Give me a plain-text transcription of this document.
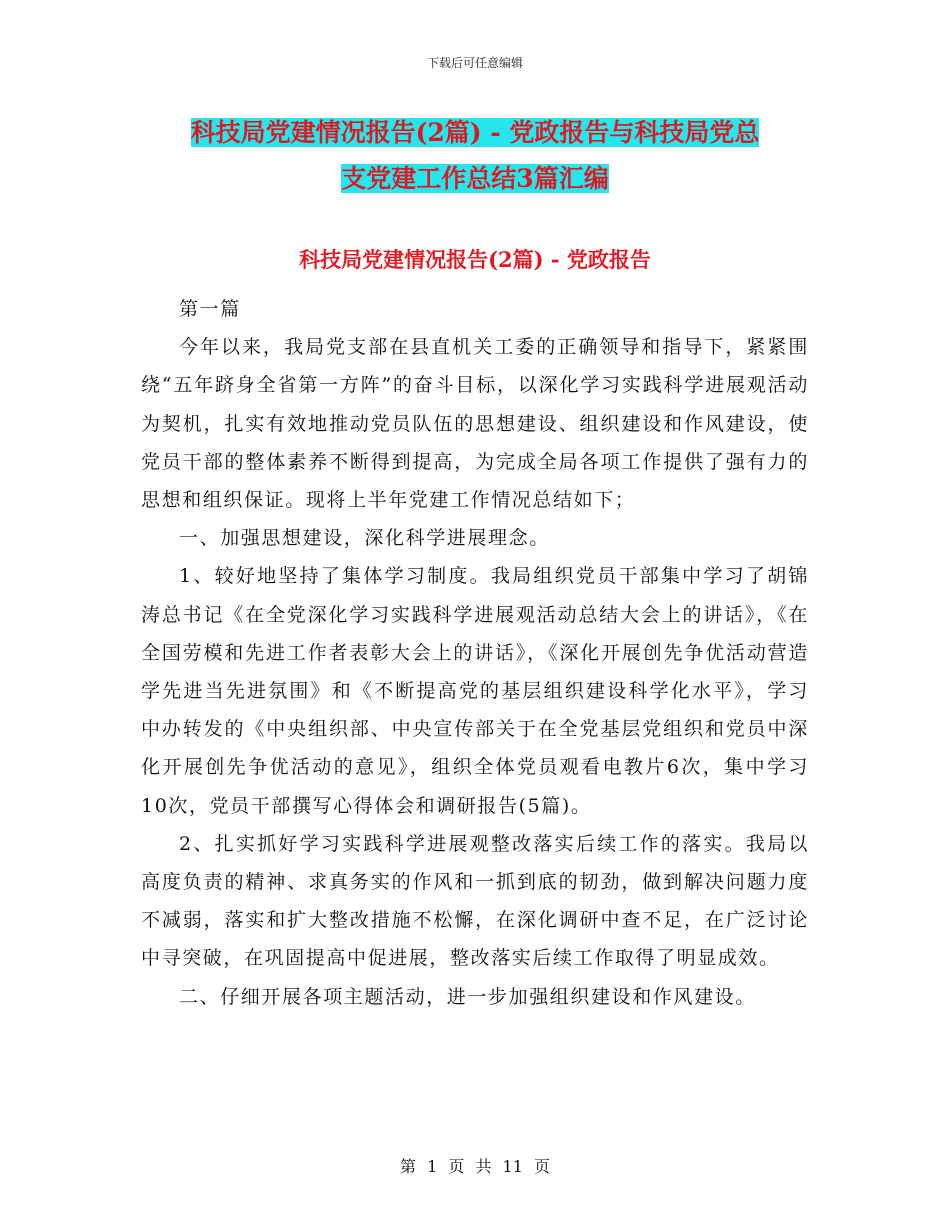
下载后可任意编辑
科技局党建情况报告(2篇) - 党政报告与科技局党总
支党建工作总结3篇汇编
科技局党建情况报告(2篇) - 党政报告

第一篇

今年以来，我局党支部在县直机关工委的正确领导和指导下，紧紧围绕“五年跻身全省第一方阵”的奋斗目标，以深化学习实践科学进展观活动为契机，扎实有效地推动党员队伍的思想建设、组织建设和作风建设，使党员干部的整体素养不断得到提高，为完成全局各项工作提供了强有力的思想和组织保证。现将上半年党建工作情况总结如下；

一、加强思想建设，深化科学进展理念。

1、较好地坚持了集体学习制度。我局组织党员干部集中学习了胡锦涛总书记《在全党深化学习实践科学进展观活动总结大会上的讲话》，《在全国劳模和先进工作者表彰大会上的讲话》，《深化开展创先争优活动营造学先进当先进氛围》和《不断提高党的基层组织建设科学化水平》，学习中办转发的《中央组织部、中央宣传部关于在全党基层党组织和党员中深化开展创先争优活动的意见》，组织全体党员观看电教片6次，集中学习10次，党员干部撰写心得体会和调研报告(5篇)。

2、扎实抓好学习实践科学进展观整改落实后续工作的落实。我局以高度负责的精神、求真务实的作风和一抓到底的韧劲，做到解决问题力度不减弱，落实和扩大整改措施不松懈，在深化调研中查不足，在广泛讨论中寻突破，在巩固提高中促进展，整改落实后续工作取得了明显成效。

二、仔细开展各项主题活动，进一步加强组织建设和作风建设。

第 1 页 共 11 页
